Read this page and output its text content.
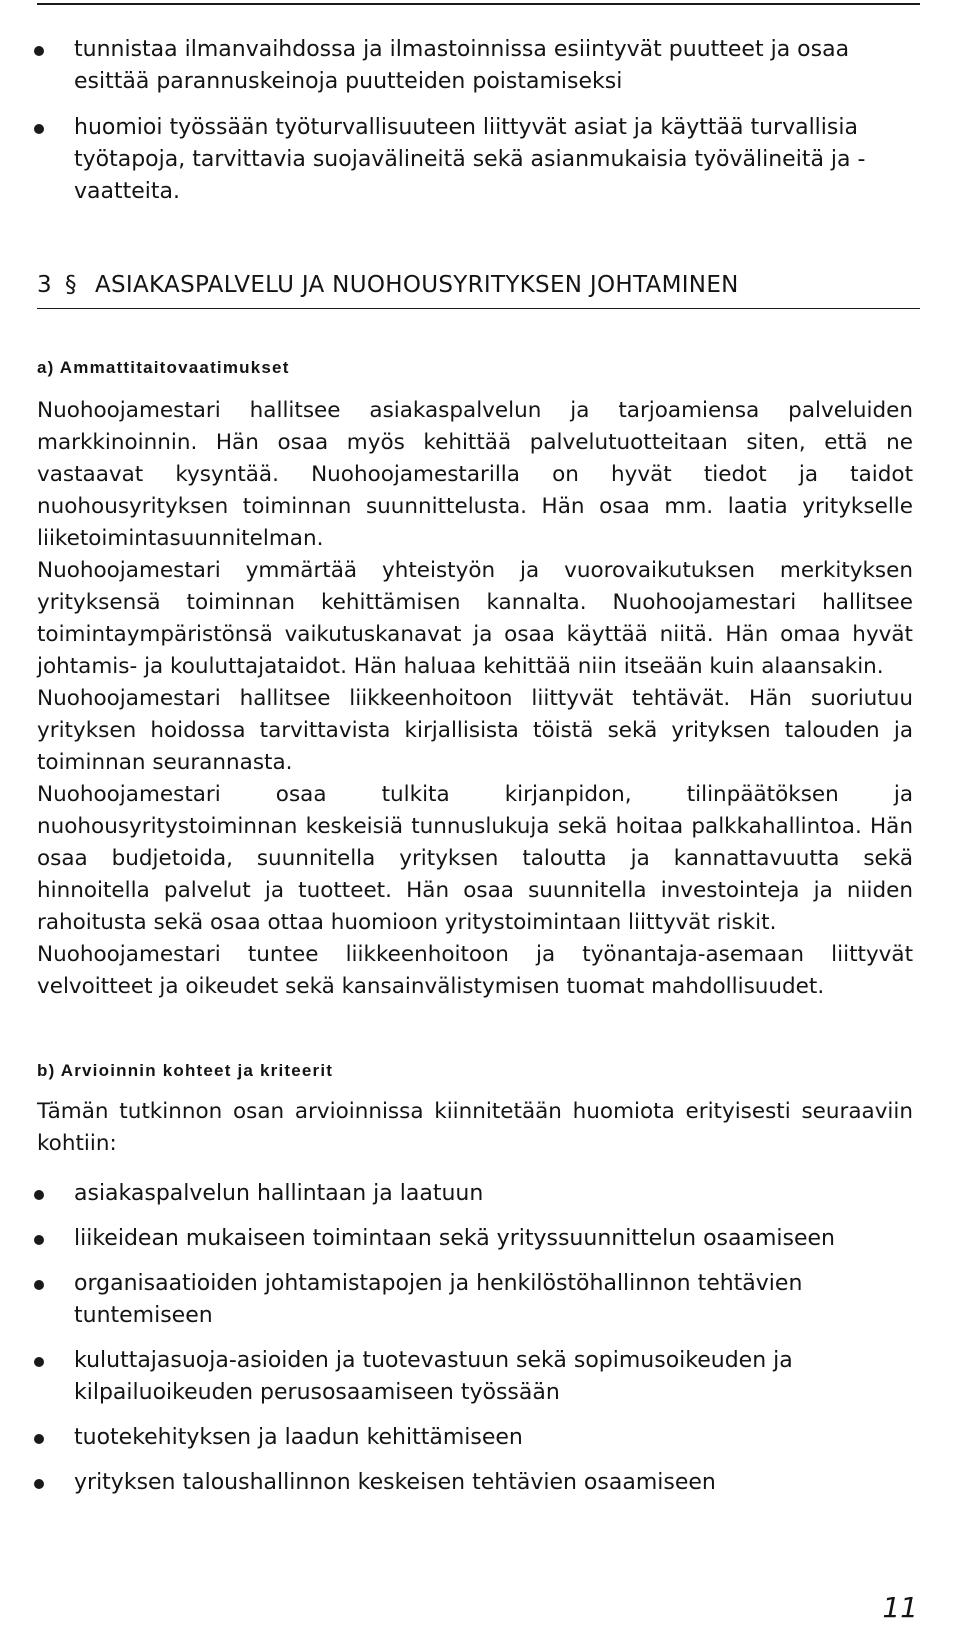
tunnistaa ilmanvaihdossa ja ilmastoinnissa esiintyvät puutteet ja osaa esittää parannuskeinoja puutteiden poistamiseksi
huomioi työssään työturvallisuuteen liittyvät asiat ja käyttää turvallisia työtapoja, tarvittavia suojavälineitä sekä asianmukaisia työvälineitä ja -vaatteita.
3 § ASIAKASPALVELU JA NUOHOUSYRITYKSEN JOHTAMINEN
a) Ammattitaitovaatimukset

Nuohoojamestari hallitsee asiakaspalvelun ja tarjoamiensa palveluiden markkinoinnin. Hän osaa myös kehittää palvelutuotteitaan siten, että ne vastaavat kysyntää. Nuohoojamestarilla on hyvät tiedot ja taidot nuohousyrityksen toiminnan suunnittelusta. Hän osaa mm. laatia yritykselle liiketoimintasuunnitelman.

Nuohoojamestari ymmärtää yhteistyön ja vuorovaikutuksen merkityksen yrityksensä toiminnan kehittämisen kannalta. Nuohoojamestari hallitsee toimintaympäristönsä vaikutuskanavat ja osaa käyttää niitä. Hän omaa hyvät johtamis- ja kouluttajataidot. Hän haluaa kehittää niin itseään kuin alaansakin.

Nuohoojamestari hallitsee liikkeenhoitoon liittyvät tehtävät. Hän suoriutuu yrityksen hoidossa tarvittavista kirjallisista töistä sekä yrityksen talouden ja toiminnan seurannasta.

Nuohoojamestari osaa tulkita kirjanpidon, tilinpäätöksen ja nuohousyritystoiminnan keskeisiä tunnuslukuja sekä hoitaa palkkahallintoa. Hän osaa budjetoida, suunnitella yrityksen taloutta ja kannattavuutta sekä hinnoitella palvelut ja tuotteet. Hän osaa suunnitella investointeja ja niiden rahoitusta sekä osaa ottaa huomioon yritystoimintaan liittyvät riskit.

Nuohoojamestari tuntee liikkeenhoitoon ja työnantaja-asemaan liittyvät velvoitteet ja oikeudet sekä kansainvälistymisen tuomat mahdollisuudet.

b) Arvioinnin kohteet ja kriteerit

Tämän tutkinnon osan arvioinnissa kiinnitetään huomiota erityisesti seuraaviin kohtiin:

asiakaspalvelun hallintaan ja laatuun
liikeidean mukaiseen toimintaan sekä yrityssuunnittelun osaamiseen
organisaatioiden johtamistapojen ja henkilöstöhallinnon tehtävien tuntemiseen
kuluttajasuoja-asioiden ja tuotevastuun sekä sopimusoikeuden ja kilpailuoikeuden perusosaamiseen työssään
tuotekehityksen ja laadun kehittämiseen
yrityksen taloushallinnon keskeisen tehtävien osaamiseen
11
